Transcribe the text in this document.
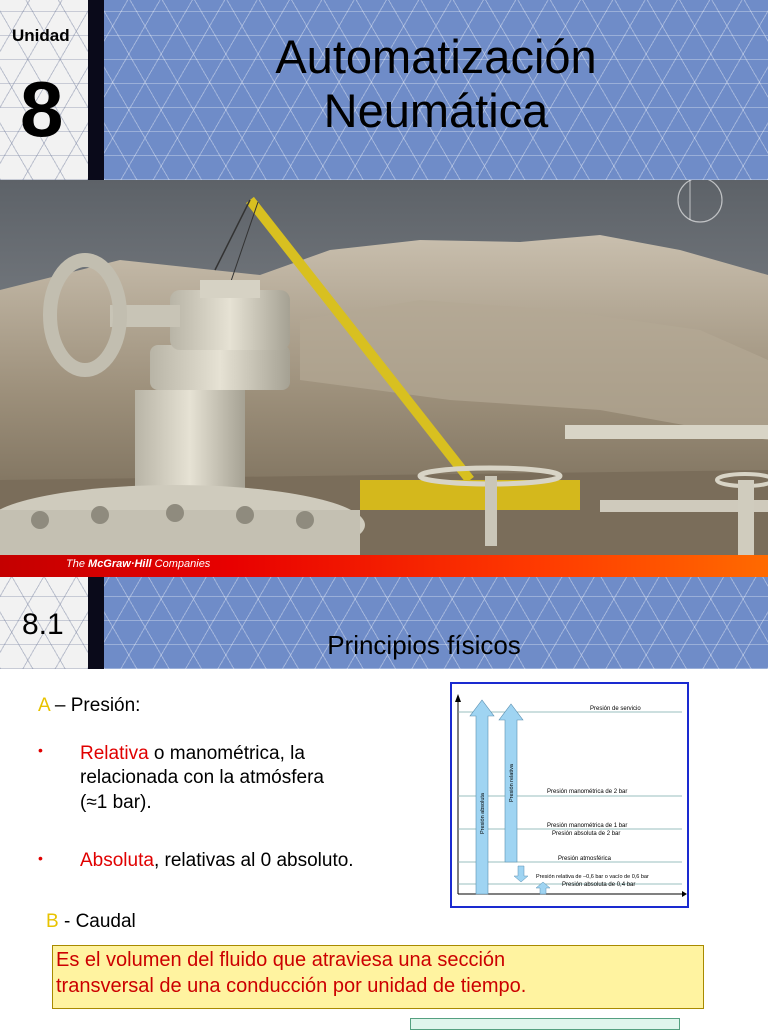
Unidad
8
Automatización
Neumática
The McGraw·Hill Companies
8.1
Principios físicos
A – Presión:
• Relativa o manométrica, la
relacionada con la atmósfera
(≈1 bar).
• Absoluta, relativas al 0 absoluto.
B - Caudal
Presión de servicio
Presión manométrica de 2 bar
Presión manométrica de 1 bar
Presión absoluta de 2 bar
Presión atmosférica
Presión relativa de –0,6 bar o vacío de 0,6 bar
Presión absoluta de 0,4 bar
Presión absoluta
Presión relativa
Es el volumen del fluido que atraviesa una sección
transversal de una conducción por unidad de tiempo.
